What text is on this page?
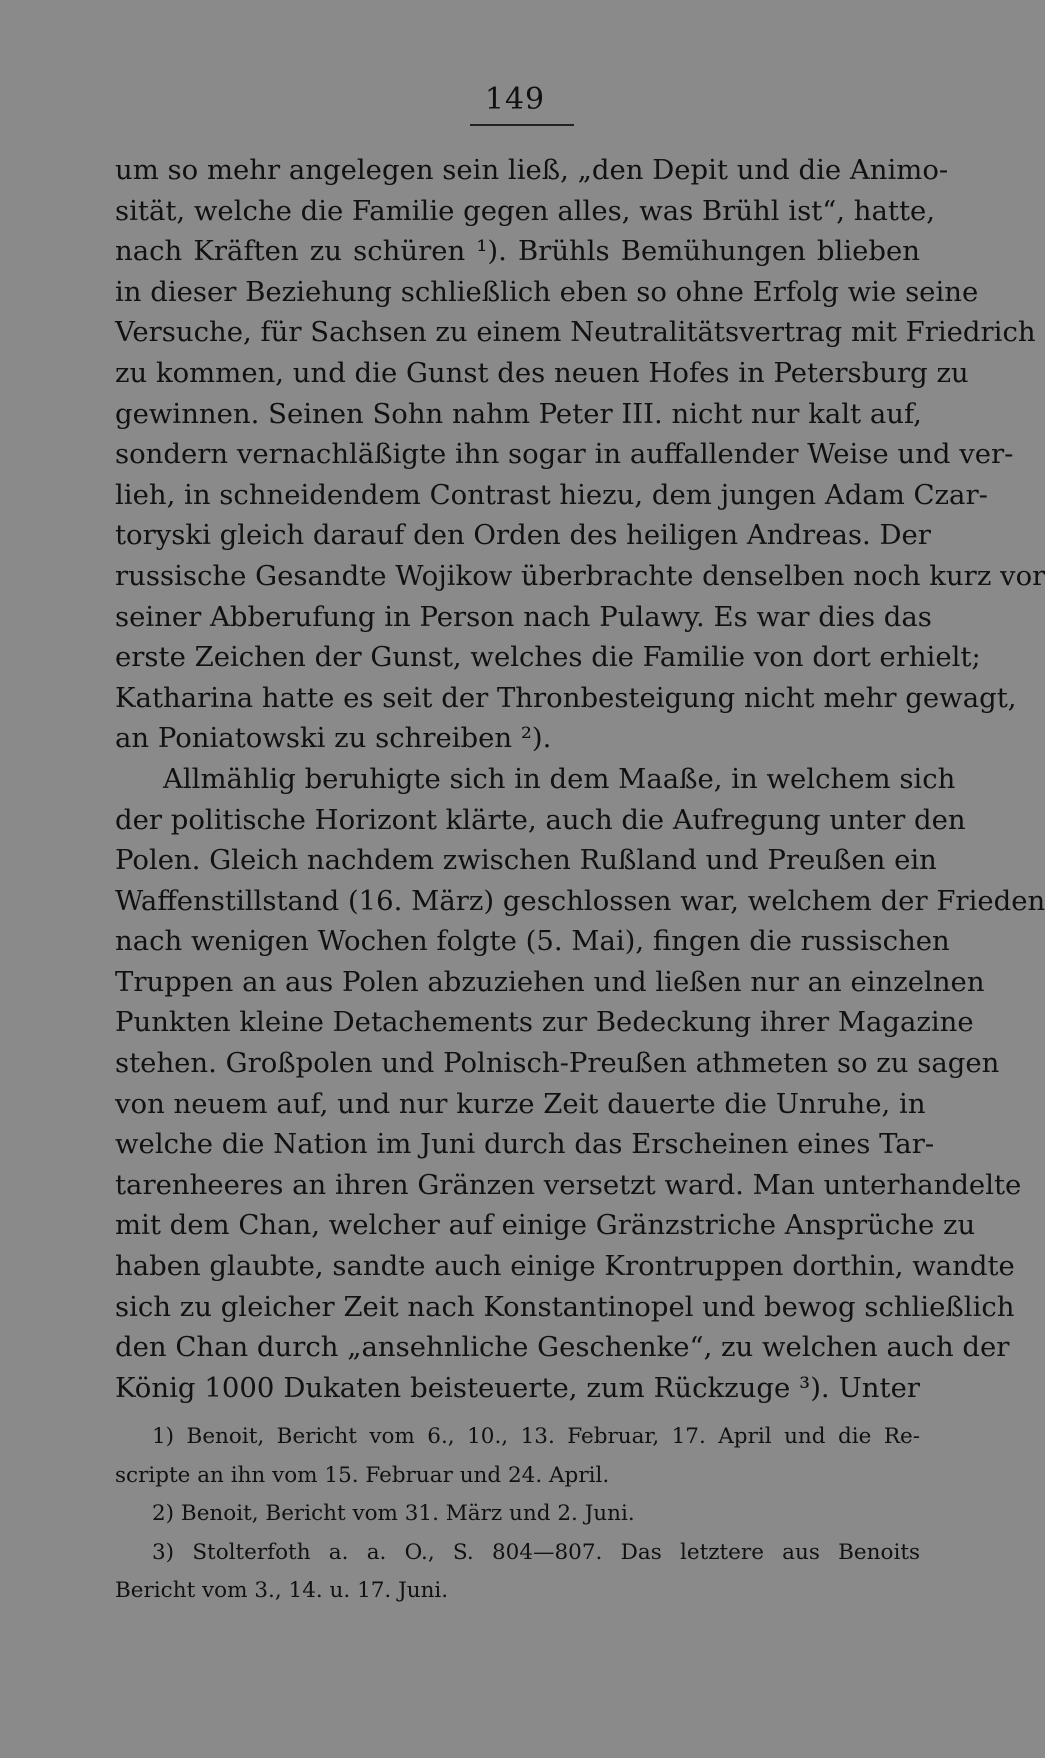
149
um so mehr angelegen sein ließ, „den Depit und die Animo-
sität, welche die Familie gegen alles, was Brühl ist“, hatte,
nach Kräften zu schüren ¹). Brühls Bemühungen blieben
in dieser Beziehung schließlich eben so ohne Erfolg wie seine
Versuche, für Sachsen zu einem Neutralitätsvertrag mit Friedrich
zu kommen, und die Gunst des neuen Hofes in Petersburg zu
gewinnen. Seinen Sohn nahm Peter III. nicht nur kalt auf,
sondern vernachläßigte ihn sogar in auffallender Weise und ver-
lieh, in schneidendem Contrast hiezu, dem jungen Adam Czar-
toryski gleich darauf den Orden des heiligen Andreas. Der
russische Gesandte Wojikow überbrachte denselben noch kurz vor
seiner Abberufung in Person nach Pulawy. Es war dies das
erste Zeichen der Gunst, welches die Familie von dort erhielt;
Katharina hatte es seit der Thronbesteigung nicht mehr gewagt,
an Poniatowski zu schreiben ²).
Allmählig beruhigte sich in dem Maaße, in welchem sich
der politische Horizont klärte, auch die Aufregung unter den
Polen. Gleich nachdem zwischen Rußland und Preußen ein
Waffenstillstand (16. März) geschlossen war, welchem der Frieden
nach wenigen Wochen folgte (5. Mai), fingen die russischen
Truppen an aus Polen abzuziehen und ließen nur an einzelnen
Punkten kleine Detachements zur Bedeckung ihrer Magazine
stehen. Großpolen und Polnisch-Preußen athmeten so zu sagen
von neuem auf, und nur kurze Zeit dauerte die Unruhe, in
welche die Nation im Juni durch das Erscheinen eines Tar-
tarenheeres an ihren Gränzen versetzt ward. Man unterhandelte
mit dem Chan, welcher auf einige Gränzstriche Ansprüche zu
haben glaubte, sandte auch einige Krontruppen dorthin, wandte
sich zu gleicher Zeit nach Konstantinopel und bewog schließlich
den Chan durch „ansehnliche Geschenke“, zu welchen auch der
König 1000 Dukaten beisteuerte, zum Rückzuge ³). Unter
1) Benoit, Bericht vom 6., 10., 13. Februar, 17. April und die Re-
scripte an ihn vom 15. Februar und 24. April.
2) Benoit, Bericht vom 31. März und 2. Juni.
3) Stolterfoth a. a. O., S. 804—807. Das letztere aus Benoits
Bericht vom 3., 14. u. 17. Juni.
